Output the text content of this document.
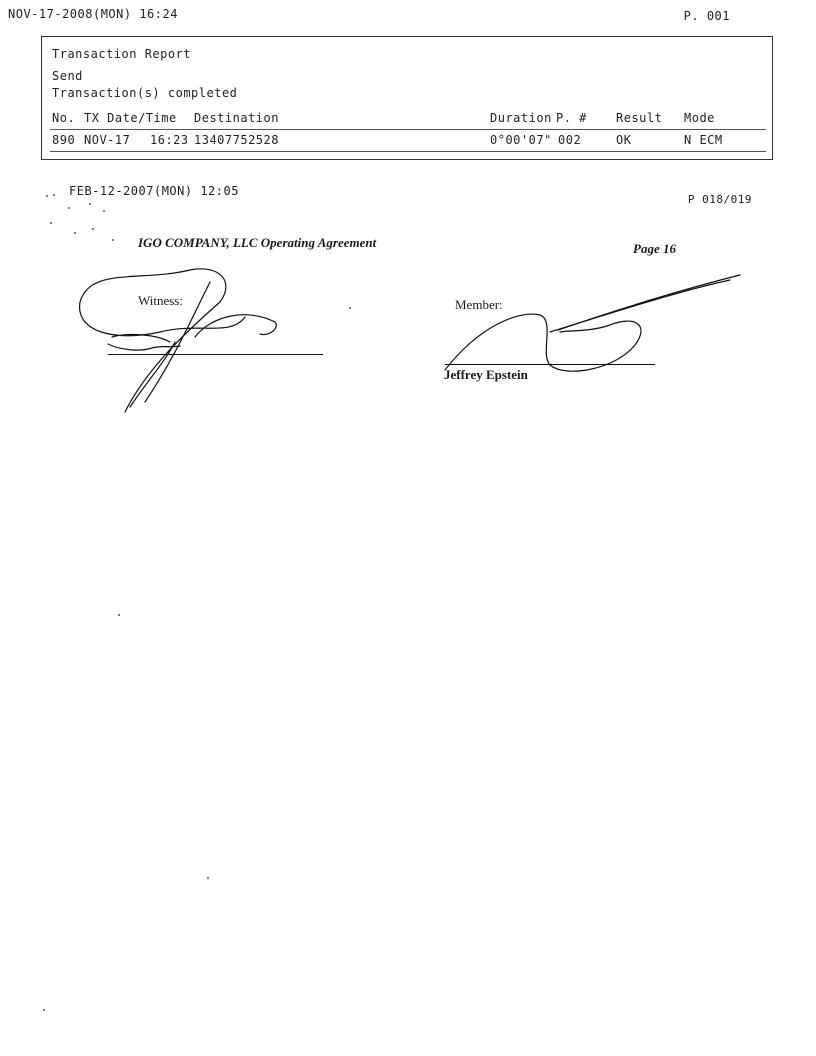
NOV-17-2008(MON) 16:24	P. 001
Transaction Report
Send
Transaction(s) completed
No. TX Date/Time Destination	Duration P. # Result Mode
890 NOV-17 16:23 13407752528	0°00'07" 002	OK	N ECM
FEB-12-2007(MON) 12:05
P 018/019
IGO COMPANY, LLC Operating Agreement	Page 16
Witness:	Member:
Jeffrey Epstein
